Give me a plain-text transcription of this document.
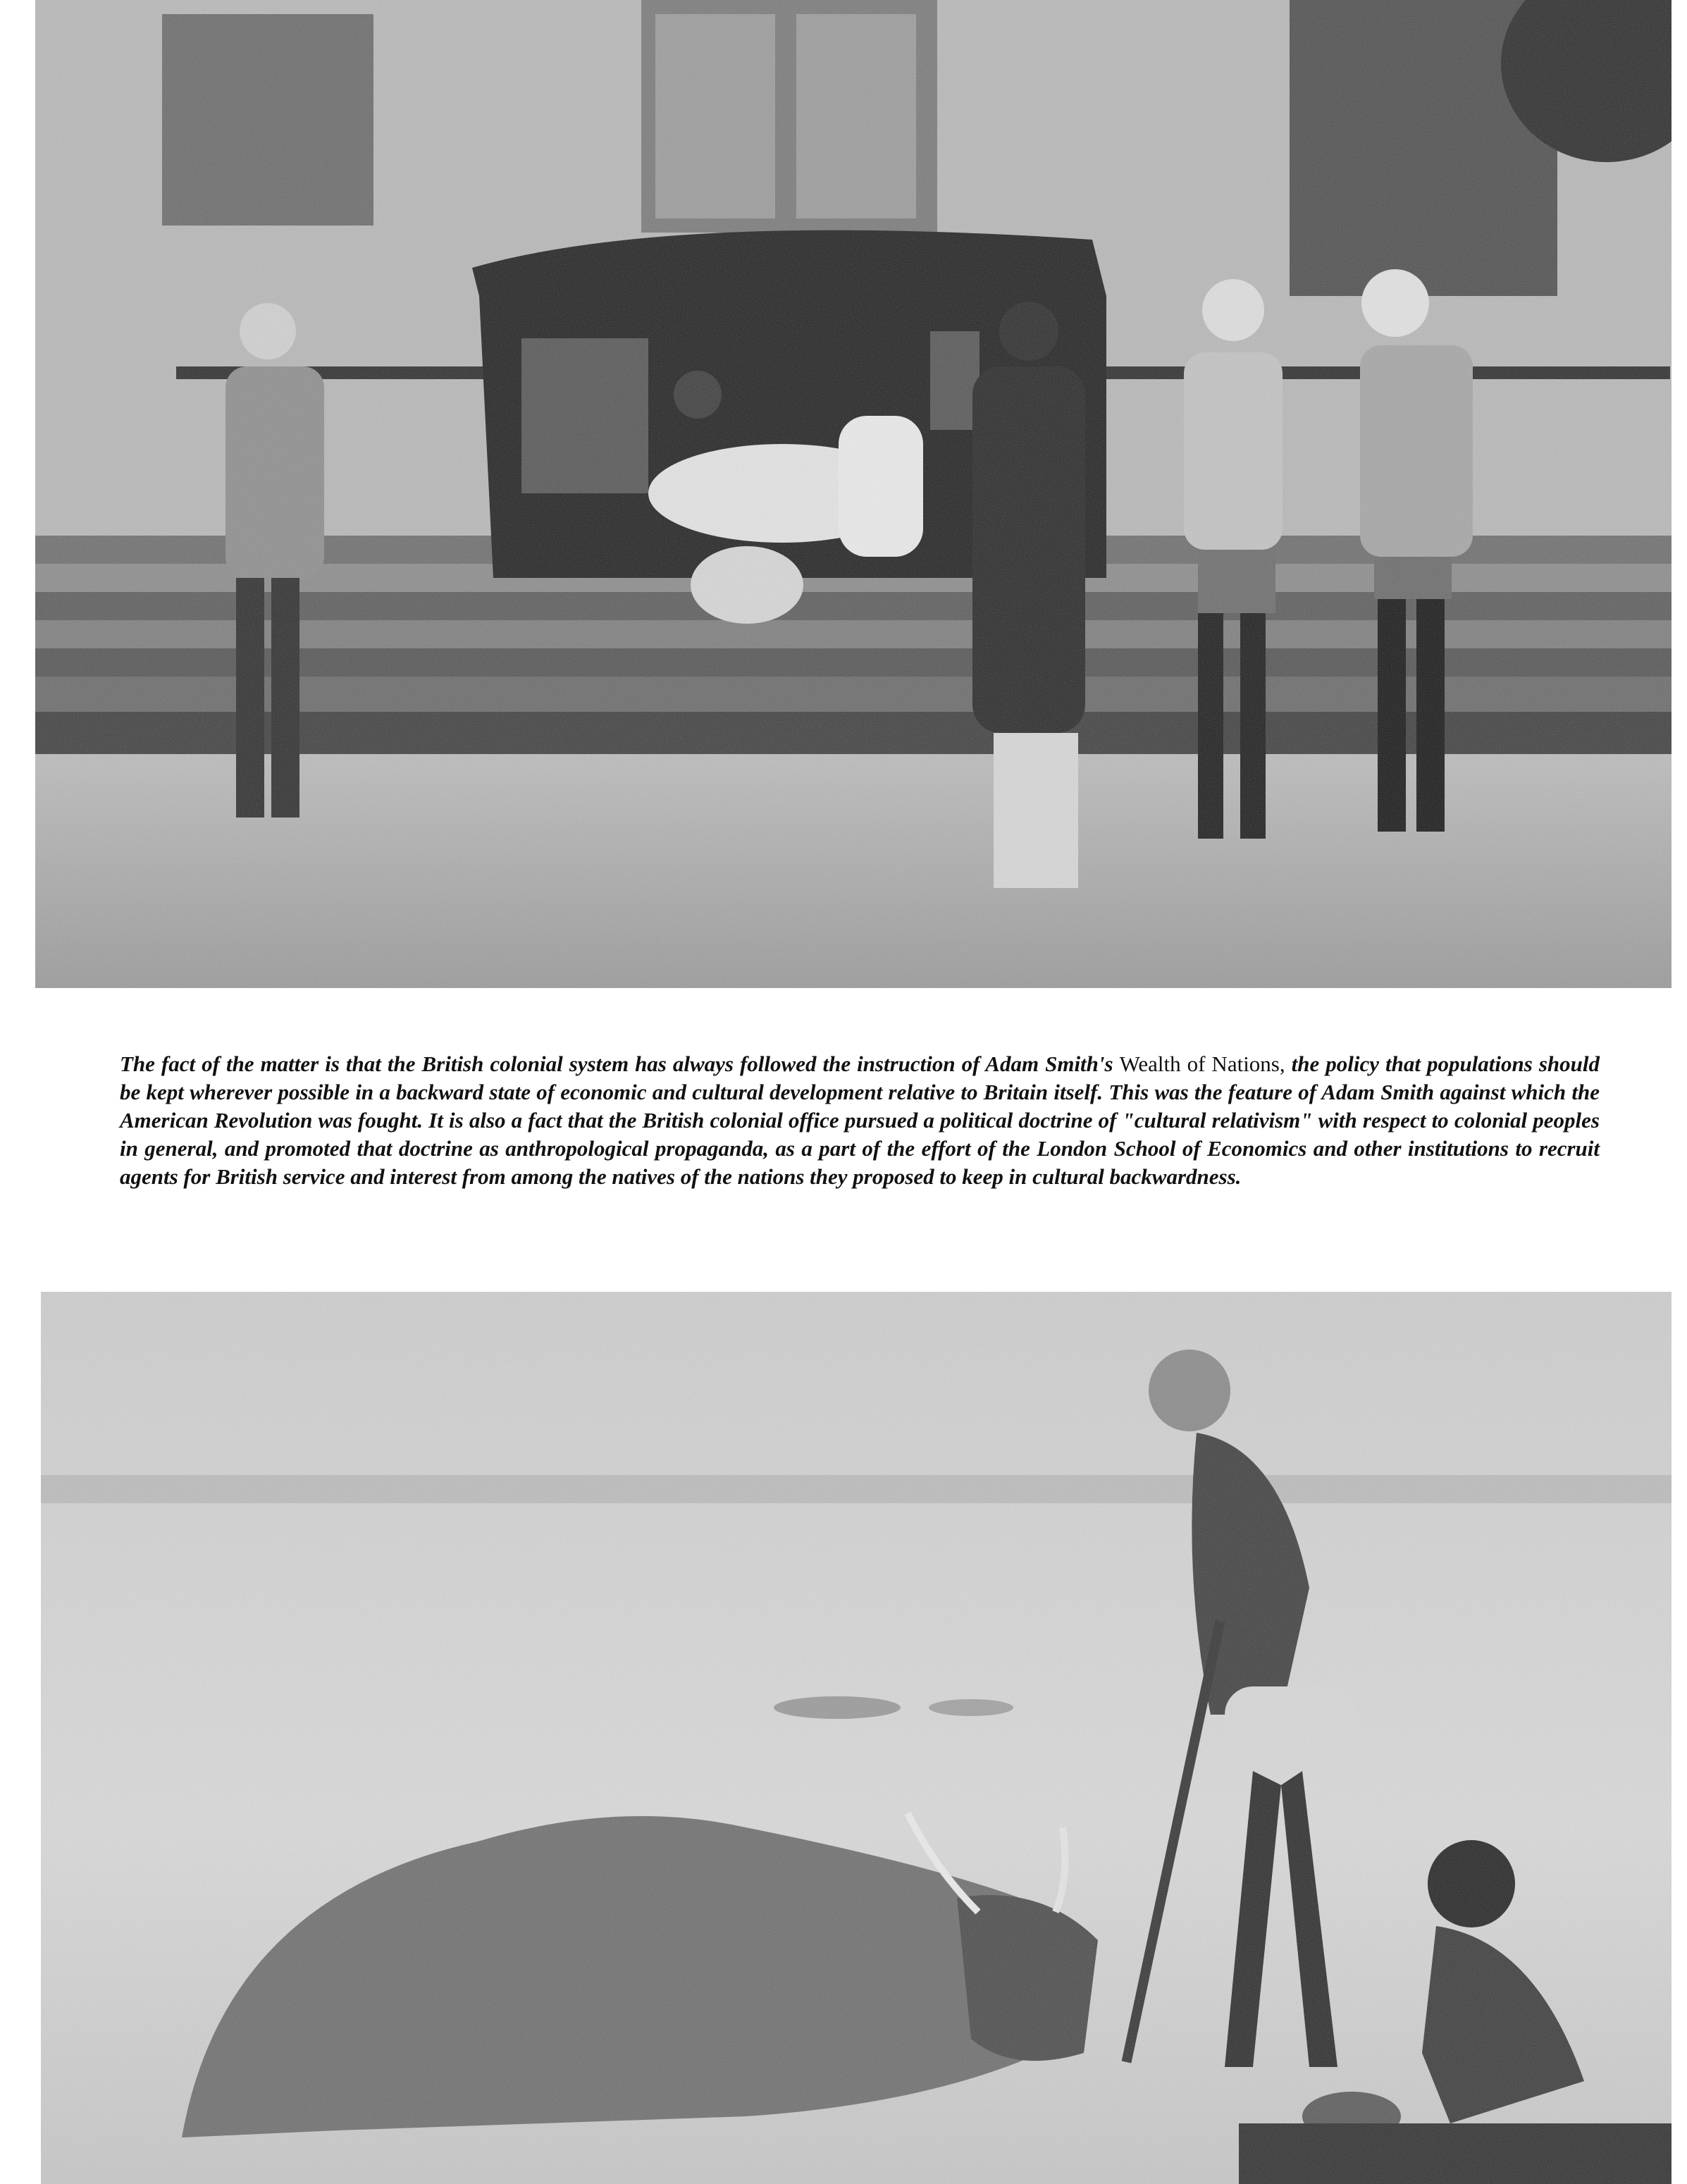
The fact of the matter is that the British colonial system has always followed the instruction of Adam Smith's Wealth of Nations, the policy that populations should be kept wherever possible in a backward state of economic and cultural development relative to Britain itself. This was the feature of Adam Smith against which the American Revolution was fought. It is also a fact that the British colonial office pursued a political doctrine of "cultural relativism" with respect to colonial peoples in general, and promoted that doctrine as anthropological propaganda, as a part of the effort of the London School of Economics and other institutions to recruit agents for British service and interest from among the natives of the nations they proposed to keep in cultural backwardness.
